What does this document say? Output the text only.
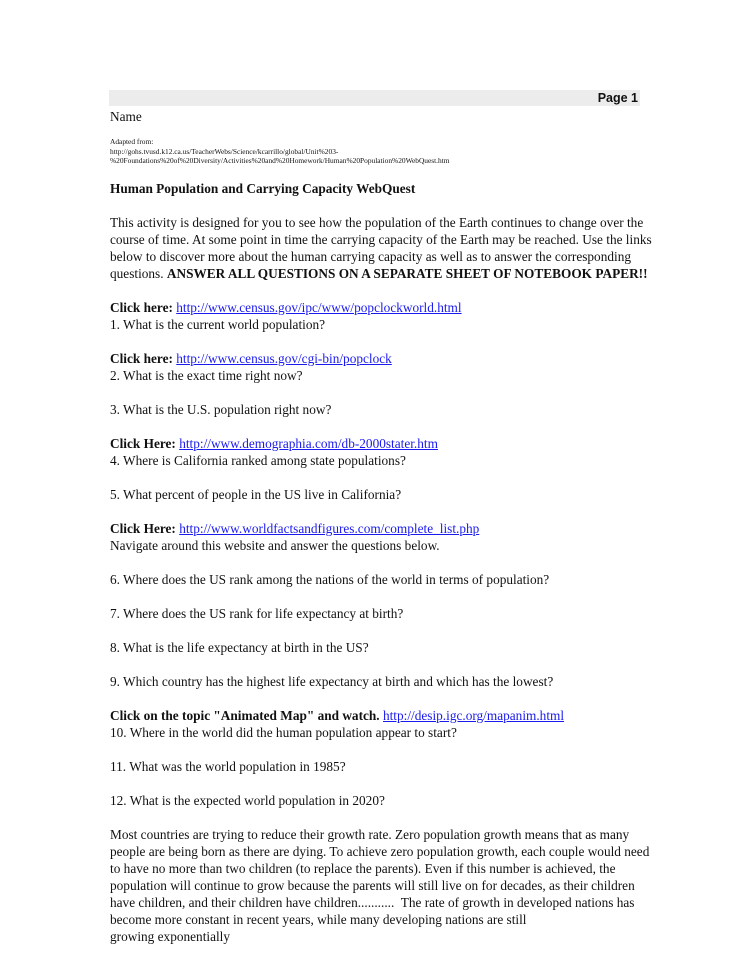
Page 1
Name
Adapted from:
http://gohs.tvusd.k12.ca.us/TeacherWebs/Science/kcarrillo/global/Unit%203-
%20Foundations%20of%20Diversity/Activities%20and%20Homework/Human%20Population%20WebQuest.htm
Human Population and Carrying Capacity WebQuest
This activity is designed for you to see how the population of the Earth continues to change over the
course of time. At some point in time the carrying capacity of the Earth may be reached. Use the links
below to discover more about the human carrying capacity as well as to answer the corresponding
questions. ANSWER ALL QUESTIONS ON A SEPARATE SHEET OF NOTEBOOK PAPER!!
Click here: http://www.census.gov/ipc/www/popclockworld.html
1. What is the current world population?
Click here: http://www.census.gov/cgi-bin/popclock
2. What is the exact time right now?
3. What is the U.S. population right now?
Click Here: http://www.demographia.com/db-2000stater.htm
4. Where is California ranked among state populations?
5. What percent of people in the US live in California?
Click Here: http://www.worldfactsandfigures.com/complete_list.php
Navigate around this website and answer the questions below.
6. Where does the US rank among the nations of the world in terms of population?
7. Where does the US rank for life expectancy at birth?
8. What is the life expectancy at birth in the US?
9. Which country has the highest life expectancy at birth and which has the lowest?
Click on the topic "Animated Map" and watch. http://desip.igc.org/mapanim.html
10. Where in the world did the human population appear to start?
11. What was the world population in 1985?
12. What is the expected world population in 2020?
Most countries are trying to reduce their growth rate. Zero population growth means that as many
people are being born as there are dying. To achieve zero population growth, each couple would need
to have no more than two children (to replace the parents). Even if this number is achieved, the
population will continue to grow because the parents will still live on for decades, as their children
have children, and their children have children...........  The rate of growth in developed nations has
become more constant in recent years, while many developing nations are still
growing exponentially
